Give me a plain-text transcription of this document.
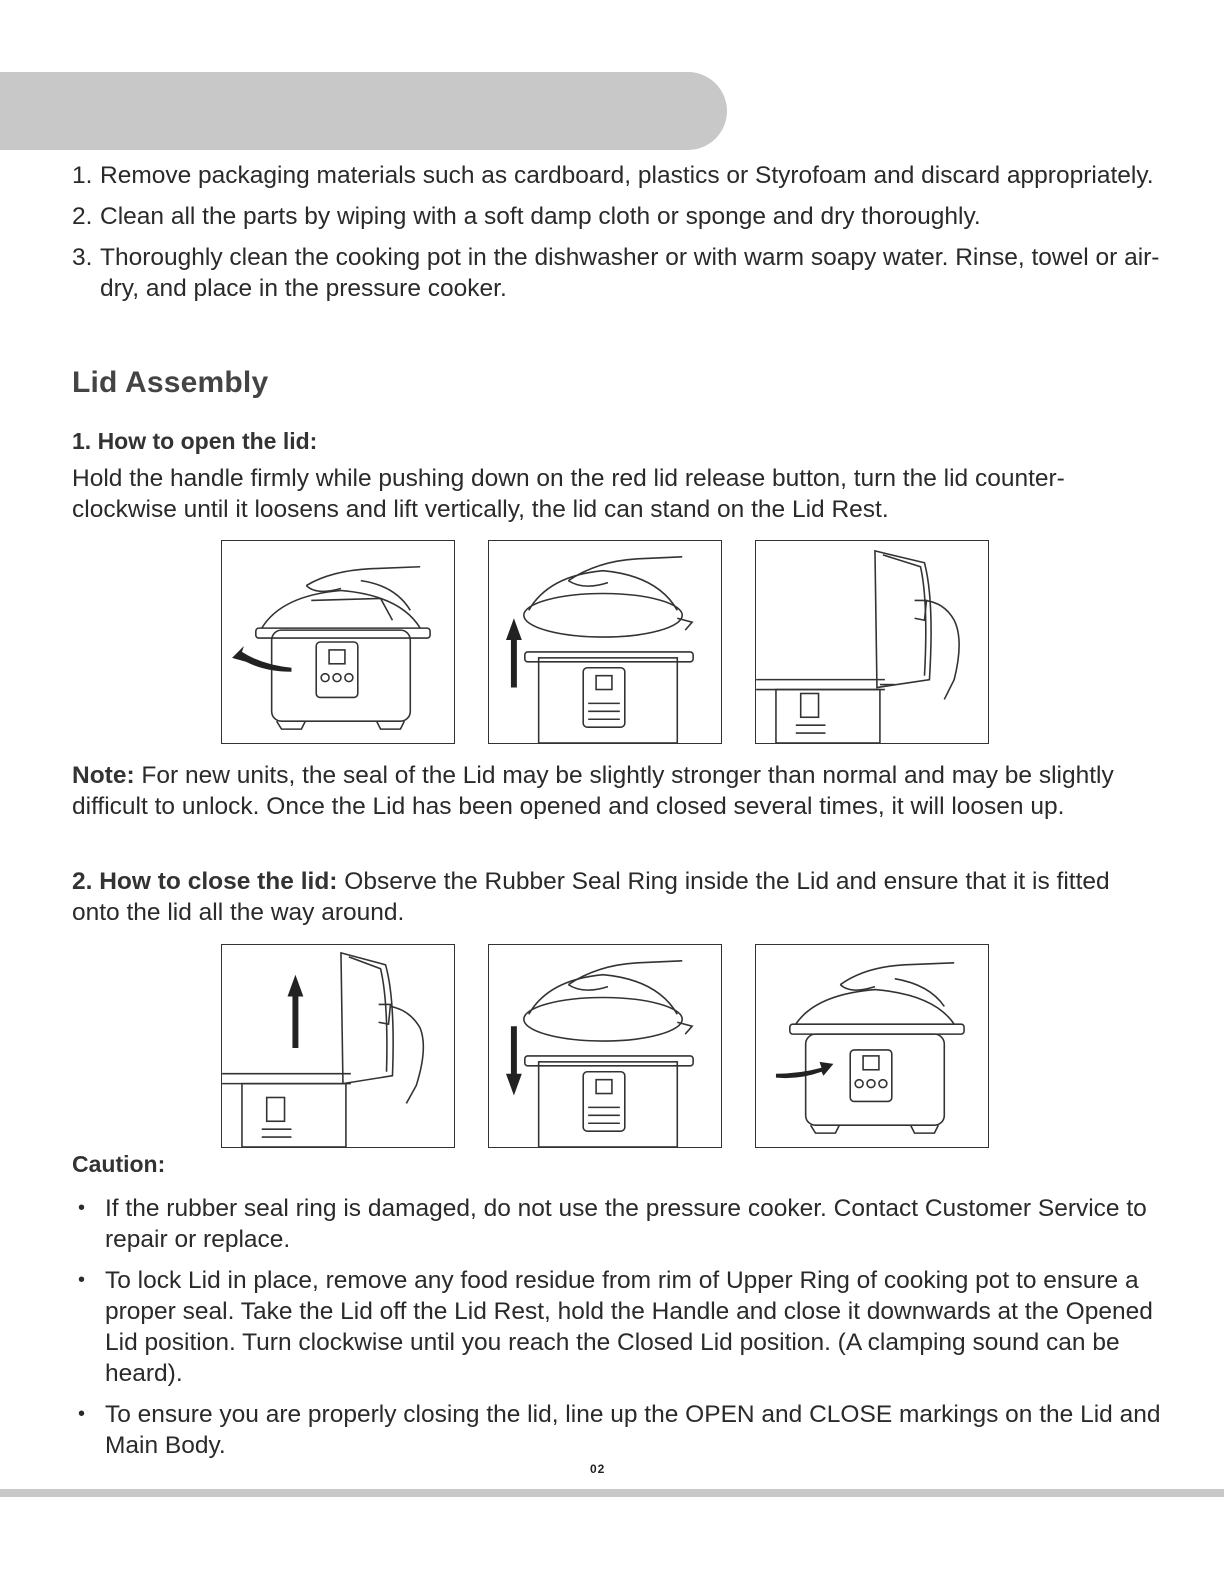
1. Remove packaging materials such as cardboard, plastics or Styrofoam and discard appropriately.
2. Clean all the parts by wiping with a soft damp cloth or sponge and dry thoroughly.
3. Thoroughly clean the cooking pot in the dishwasher or with warm soapy water. Rinse, towel or air-dry, and place in the pressure cooker.
Lid Assembly
1. How to open the lid:

Hold the handle firmly while pushing down on the red lid release button, turn the lid counter-clockwise until it loosens and lift vertically, the lid can stand on the Lid Rest.

Note: For new units, the seal of the Lid may be slightly stronger than normal and may be slightly difficult to unlock. Once the Lid has been opened and closed several times, it will loosen up.

2. How to close the lid: Observe the Rubber Seal Ring inside the Lid and ensure that it is fitted onto the lid all the way around.

Caution:
• If the rubber seal ring is damaged, do not use the pressure cooker. Contact Customer Service to repair or replace.
• To lock Lid in place, remove any food residue from rim of Upper Ring of cooking pot to ensure a proper seal. Take the Lid off the Lid Rest, hold the Handle and close it downwards at the Opened Lid position. Turn clockwise until you reach the Closed Lid position. (A clamping sound can be heard).
• To ensure you are properly closing the lid, line up the OPEN and CLOSE markings on the Lid and Main Body.
02
